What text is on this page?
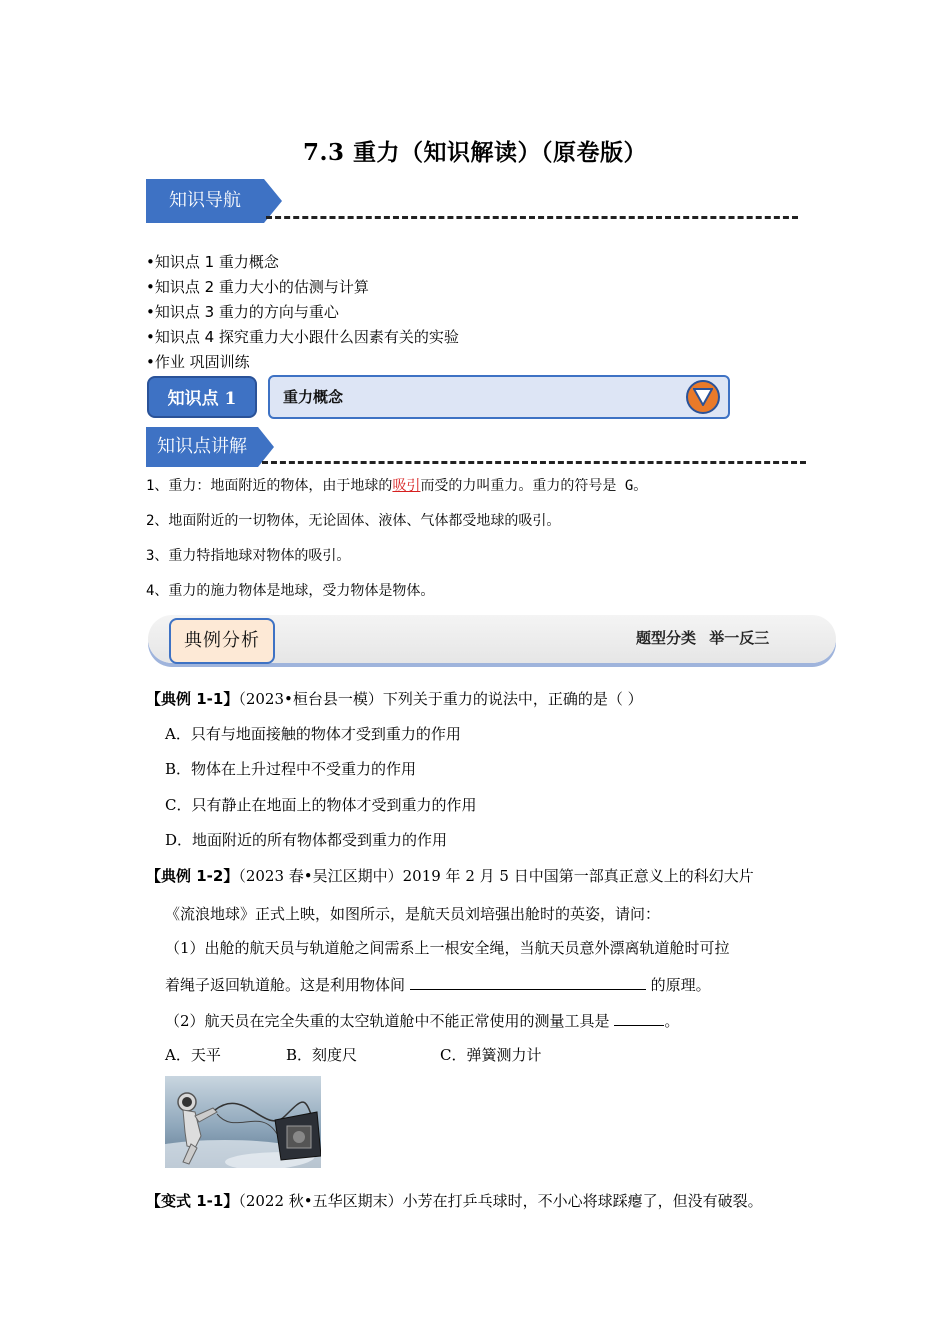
7.3 重力（知识解读）（原卷版）
知识导航
•知识点 1 重力概念
•知识点 2 重力大小的估测与计算
•知识点 3 重力的方向与重心
•知识点 4 探究重力大小跟什么因素有关的实验
•作业 巩固训练
知识点 1	重力概念
知识点讲解
1、重力：地面附近的物体，由于地球的吸引而受的力叫重力。重力的符号是 G。
2、地面附近的一切物体，无论固体、液体、气体都受地球的吸引。
3、重力特指地球对物体的吸引。
4、重力的施力物体是地球，受力物体是物体。
典例分析	题型分类 举一反三
【典例 1-1】（2023•桓台县一模）下列关于重力的说法中，正确的是（ ）
A．只有与地面接触的物体才受到重力的作用
B．物体在上升过程中不受重力的作用
C．只有静止在地面上的物体才受到重力的作用
D．地面附近的所有物体都受到重力的作用
【典例 1-2】（2023 春•吴江区期中）2019 年 2 月 5 日中国第一部真正意义上的科幻大片
《流浪地球》正式上映，如图所示，是航天员刘培强出舱时的英姿，请问：
（1）出舱的航天员与轨道舱之间需系上一根安全绳，当航天员意外漂离轨道舱时可拉
着绳子返回轨道舱。这是利用物体间	的原理。
（2）航天员在完全失重的太空轨道舱中不能正常使用的测量工具是	。
A．天平	B．刻度尺	C．弹簧测力计
【变式 1-1】（2022 秋•五华区期末）小芳在打乒乓球时，不小心将球踩瘪了，但没有破裂。
